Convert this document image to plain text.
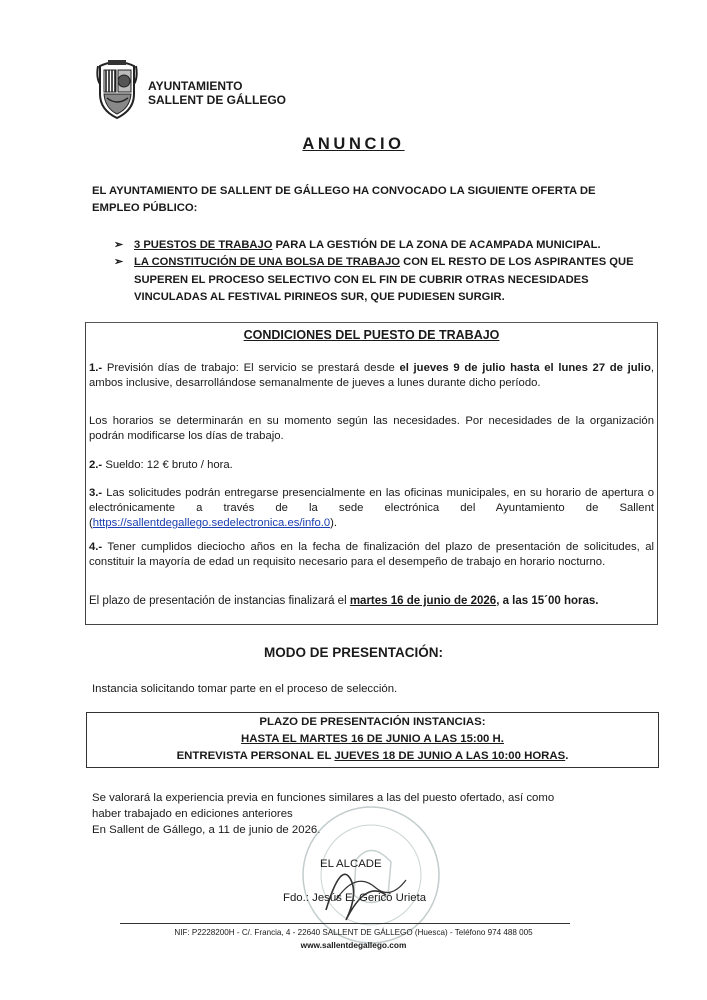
AYUNTAMIENTO
SALLENT DE GÁLLEGO
ANUNCIO
EL AYUNTAMIENTO DE SALLENT DE GÁLLEGO HA CONVOCADO LA SIGUIENTE OFERTA DE EMPLEO PÚBLICO:
➢ 3 PUESTOS DE TRABAJO PARA LA GESTIÓN DE LA ZONA DE ACAMPADA MUNICIPAL.
➢ LA CONSTITUCIÓN DE UNA BOLSA DE TRABAJO CON EL RESTO DE LOS ASPIRANTES QUE SUPEREN EL PROCESO SELECTIVO CON EL FIN DE CUBRIR OTRAS NECESIDADES VINCULADAS AL FESTIVAL PIRINEOS SUR, QUE PUDIESEN SURGIR.
CONDICIONES DEL PUESTO DE TRABAJO
1.- Previsión días de trabajo: El servicio se prestará desde el jueves 9 de julio hasta el lunes 27 de julio, ambos inclusive, desarrollándose semanalmente de jueves a lunes durante dicho período.
Los horarios se determinarán en su momento según las necesidades. Por necesidades de la organización podrán modificarse los días de trabajo.
2.- Sueldo: 12 € bruto / hora.
3.- Las solicitudes podrán entregarse presencialmente en las oficinas municipales, en su horario de apertura o electrónicamente a través de la sede electrónica del Ayuntamiento de Sallent (https://sallentdegallego.sedelectronica.es/info.0).
4.- Tener cumplidos dieciocho años en la fecha de finalización del plazo de presentación de solicitudes, al constituir la mayoría de edad un requisito necesario para el desempeño de trabajo en horario nocturno.
El plazo de presentación de instancias finalizará el martes 16 de junio de 2026, a las 15´00 horas.
MODO DE PRESENTACIÓN:
Instancia solicitando tomar parte en el proceso de selección.
PLAZO DE PRESENTACIÓN INSTANCIAS:
HASTA EL MARTES 16 DE JUNIO A LAS 15:00 H.
ENTREVISTA PERSONAL EL JUEVES 18 DE JUNIO A LAS 10:00 HORAS.
Se valorará la experiencia previa en funciones similares a las del puesto ofertado, así como haber trabajado en ediciones anteriores
En Sallent de Gállego, a 11 de junio de 2026.
EL ALCADE
Fdo.: Jesús E. Gericó Urieta
NIF: P2228200H - C/. Francia, 4 - 22640 SALLENT DE GÁLLEGO (Huesca) - Teléfono 974 488 005
www.sallentdegallego.com
